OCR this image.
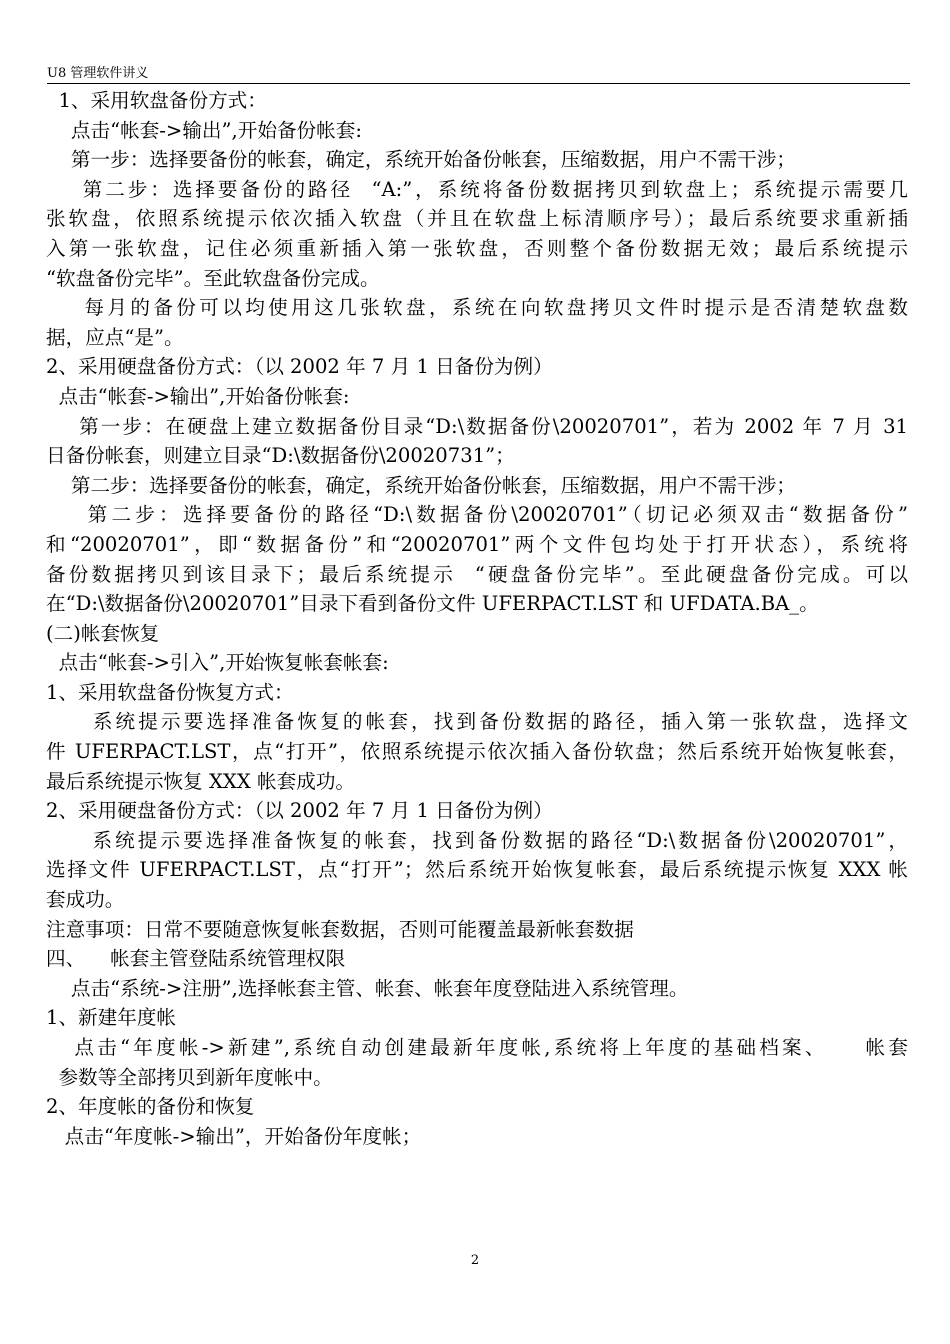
U8 管理软件讲义
1、采用软盘备份方式：
点击“帐套->输出”,开始备份帐套:
第一步：选择要备份的帐套，确定，系统开始备份帐套，压缩数据，用户不需干涉；
第二步：选择要备份的路径  “A:”，系统将备份数据拷贝到软盘上；系统提示需要几
张软盘，依照系统提示依次插入软盘（并且在软盘上标清顺序号）；最后系统要求重新插
入第一张软盘，记住必须重新插入第一张软盘，否则整个备份数据无效；最后系统提示
“软盘备份完毕”。至此软盘备份完成。
每月的备份可以均使用这几张软盘，系统在向软盘拷贝文件时提示是否清楚软盘数
据，应点“是”。
2、采用硬盘备份方式：（以 2002 年 7 月 1 日备份为例）
点击“帐套->输出”,开始备份帐套:
第一步：在硬盘上建立数据备份目录“D:\数据备份\20020701”，若为 2002 年 7 月 31
日备份帐套，则建立目录“D:\数据备份\20020731”；
第二步：选择要备份的帐套，确定，系统开始备份帐套，压缩数据，用户不需干涉；
第二步：选择要备份的路径“D:\数据备份\20020701”（切记必须双击“数据备份”
和“20020701”，即“数据备份”和“20020701”两个文件包均处于打开状态），系统将
备份数据拷贝到该目录下；最后系统提示  “硬盘备份完毕”。至此硬盘备份完成。可以
在“D:\数据备份\20020701”目录下看到备份文件 UFERPACT.LST 和 UFDATA.BA_。
(二)帐套恢复
点击“帐套->引入”,开始恢复帐套帐套:
1、采用软盘备份恢复方式：
系统提示要选择准备恢复的帐套，找到备份数据的路径，插入第一张软盘，选择文
件 UFERPACT.LST，点“打开”，依照系统提示依次插入备份软盘；然后系统开始恢复帐套，
最后系统提示恢复 XXX 帐套成功。
2、采用硬盘备份方式：（以 2002 年 7 月 1 日备份为例）
系统提示要选择准备恢复的帐套，找到备份数据的路径“D:\数据备份\20020701”，
选择文件 UFERPACT.LST，点“打开”；然后系统开始恢复帐套，最后系统提示恢复 XXX 帐
套成功。
注意事项：日常不要随意恢复帐套数据，否则可能覆盖最新帐套数据
四、    帐套主管登陆系统管理权限
点击“系统->注册”,选择帐套主管、帐套、帐套年度登陆进入系统管理。
1、新建年度帐
点击“年度帐->新建”,系统自动创建最新年度帐,系统将上年度的基础档案、    帐套
参数等全部拷贝到新年度帐中。
2、年度帐的备份和恢复
点击“年度帐->输出”，开始备份年度帐；
2
